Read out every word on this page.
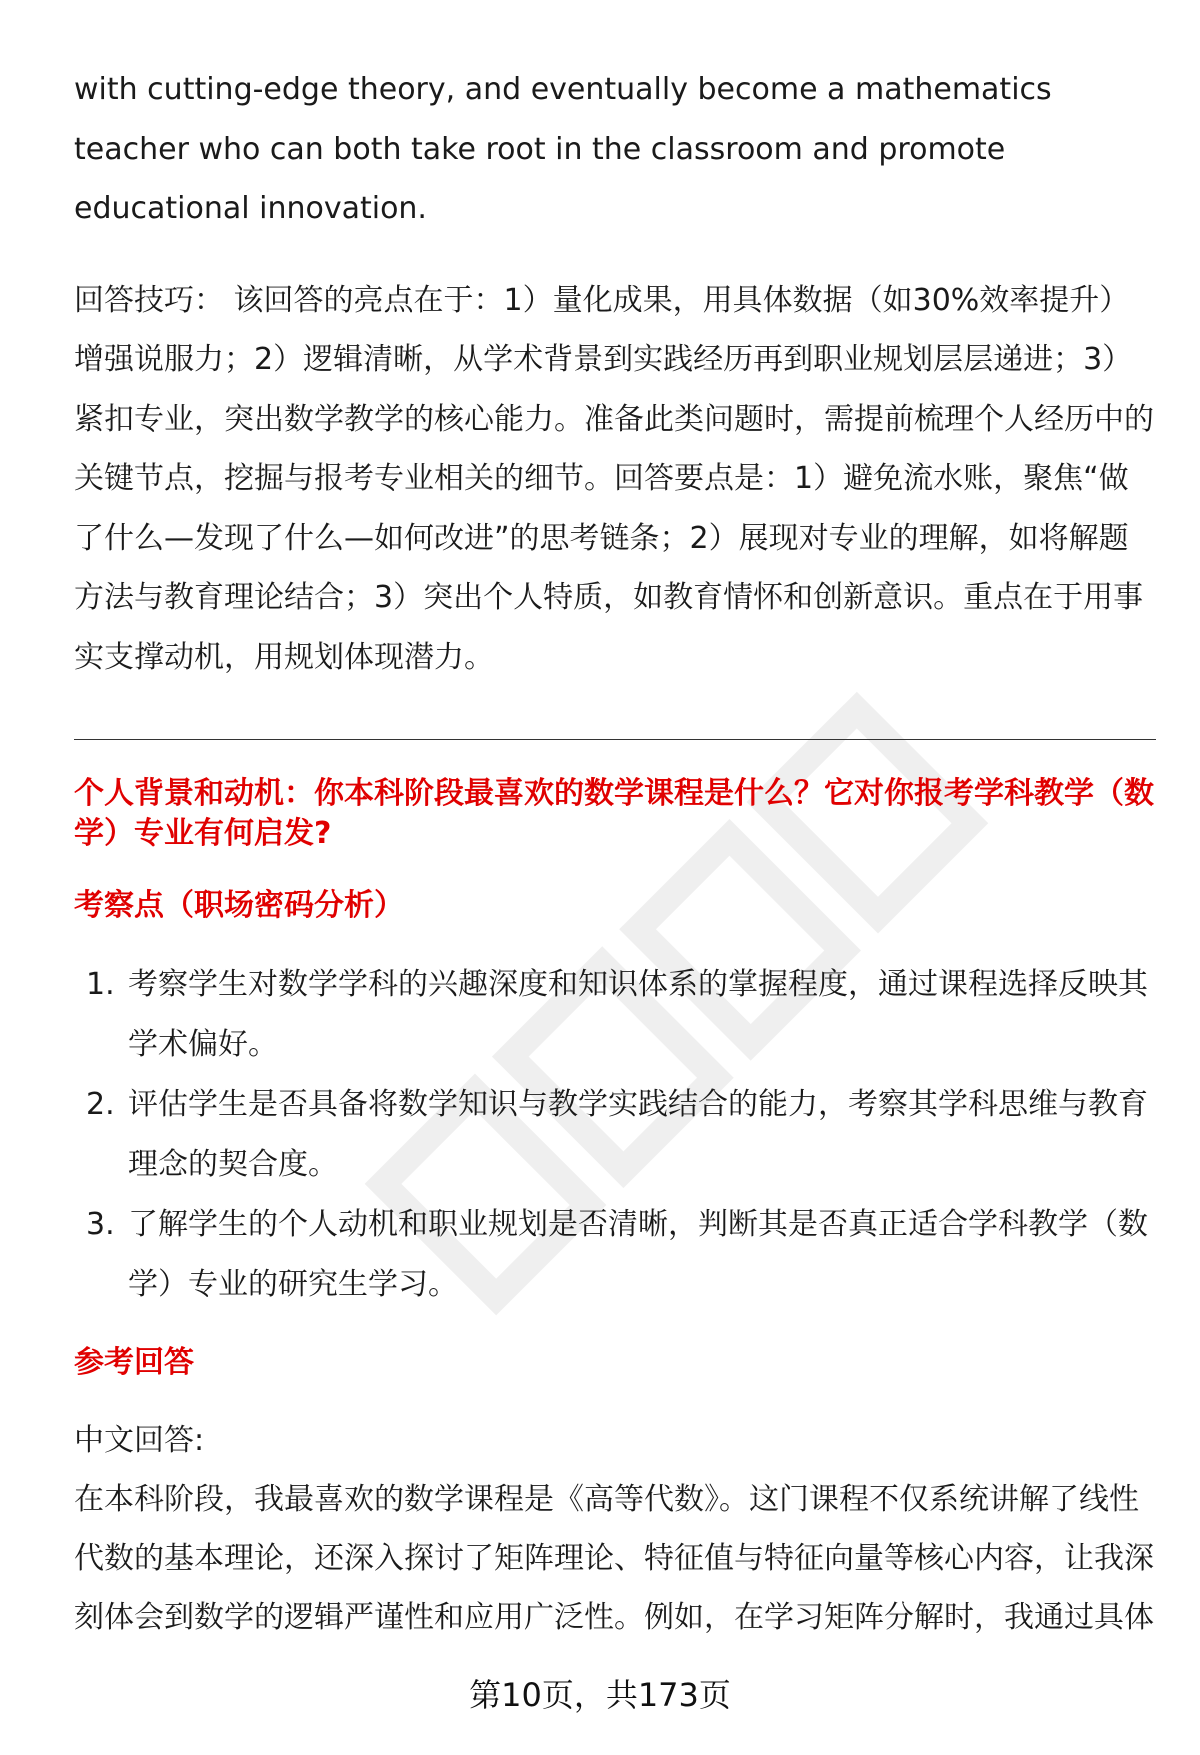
with cutting-edge theory, and eventually become a mathematics teacher who can both take root in the classroom and promote educational innovation.

回答技巧： 该回答的亮点在于：1）量化成果，用具体数据（如30%效率提升）增强说服力；2）逻辑清晰，从学术背景到实践经历再到职业规划层层递进；3）紧扣专业，突出数学教学的核心能力。准备此类问题时，需提前梳理个人经历中的关键节点，挖掘与报考专业相关的细节。回答要点是：1）避免流水账，聚焦“做了什么—发现了什么—如何改进”的思考链条；2）展现对专业的理解，如将解题方法与教育理论结合；3）突出个人特质，如教育情怀和创新意识。重点在于用事实支撑动机，用规划体现潜力。

个人背景和动机：你本科阶段最喜欢的数学课程是什么？它对你报考学科教学（数学）专业有何启发?

考察点（职场密码分析）

1. 考察学生对数学学科的兴趣深度和知识体系的掌握程度，通过课程选择反映其学术偏好。
2. 评估学生是否具备将数学知识与教学实践结合的能力，考察其学科思维与教育理念的契合度。
3. 了解学生的个人动机和职业规划是否清晰，判断其是否真正适合学科教学（数学）专业的研究生学习。

参考回答

中文回答:

在本科阶段，我最喜欢的数学课程是《高等代数》。这门课程不仅系统讲解了线性代数的基本理论，还深入探讨了矩阵理论、特征值与特征向量等核心内容，让我深刻体会到数学的逻辑严谨性和应用广泛性。例如，在学习矩阵分解时，我通过具体

第10页，共173页
